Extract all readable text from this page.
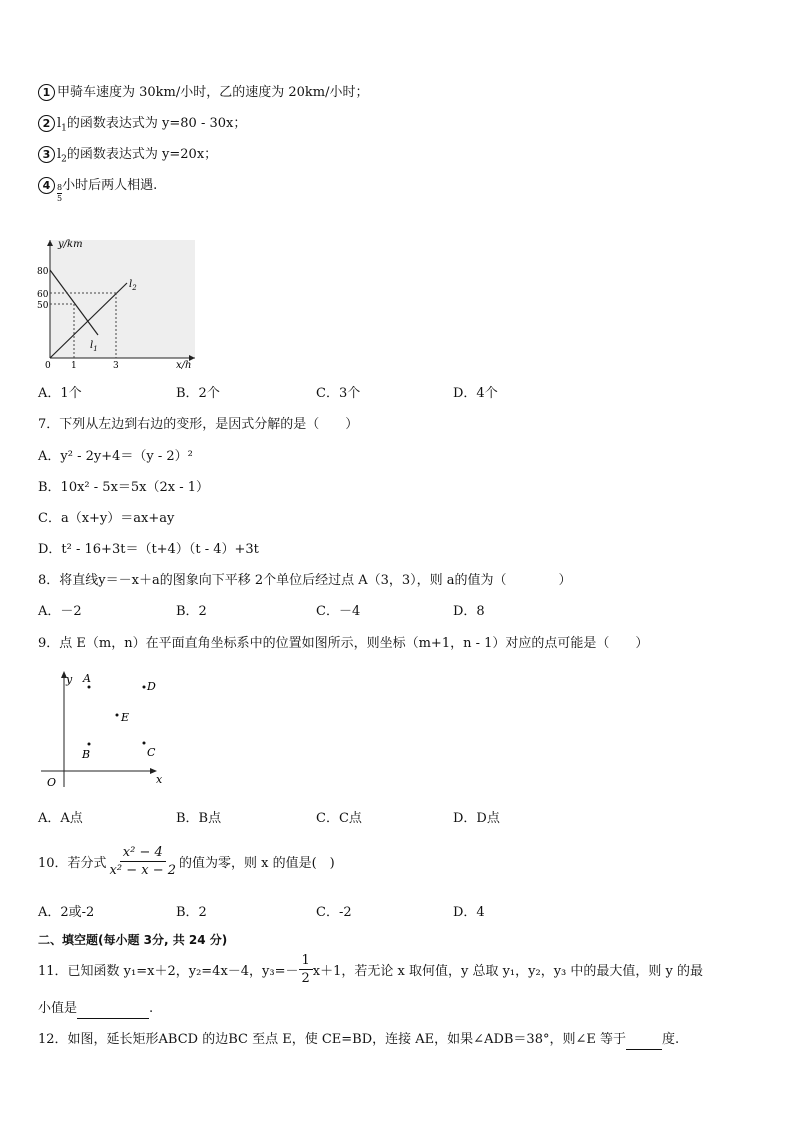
1 甲骑车速度为 30km/小时，乙的速度为 20km/小时；
2 $l_1$的函数表达式为 y=80 - 30x；
3 $l_2$的函数表达式为 y=20x；
$4 \frac{8}{5}$ 小时后两人相遇.
y/km
x/h
80
60
50
0 1	3
$l_1$
$l_2$
A．1个	B．2个	C．3个	D．4个
7．下列从左边到右边的变形，是因式分解的是（　　）
A．y² - 2y+4＝（y - 2）²
B．10x² - 5x＝5x（2x - 1）
C．a（x+y）＝ax+ay
D．t² - 16+3t＝（t+4）（t - 4）+3t
8．将直线y＝－x＋a的图象向下平移 2个单位后经过点 A（3，3），则 a的值为（　　　　）
A．－2	B．2	C．－4	D．8
9．点 E（m，n）在平面直角坐标系中的位置如图所示，则坐标（m+1，n - 1）对应的点可能是（　　）
y
x
O
A
D
E
B	C
A．A点	B．B点	C．C点	D．D点
10．若分式 $\frac{\text{x² − 4}}{\text{x² − x − 2}}$ 的值为零，则 x 的值是(　)
A．2或-2	B．2	C．-2	D．4
二、填空题(每小题 3分, 共 24 分)
11．已知函数 y₁=x＋2，y₂=4x－4，$y_3=- \frac{1}{2} x+1$，若无论 x 取何值，y 总取 y₁，y₂，y₃ 中的最大值，则 y 的最
小值是	.
12．如图，延长矩形ABCD 的边BC 至点 E，使 CE=BD，连接 AE，如果∠ADB＝38°，则∠E 等于	度.
